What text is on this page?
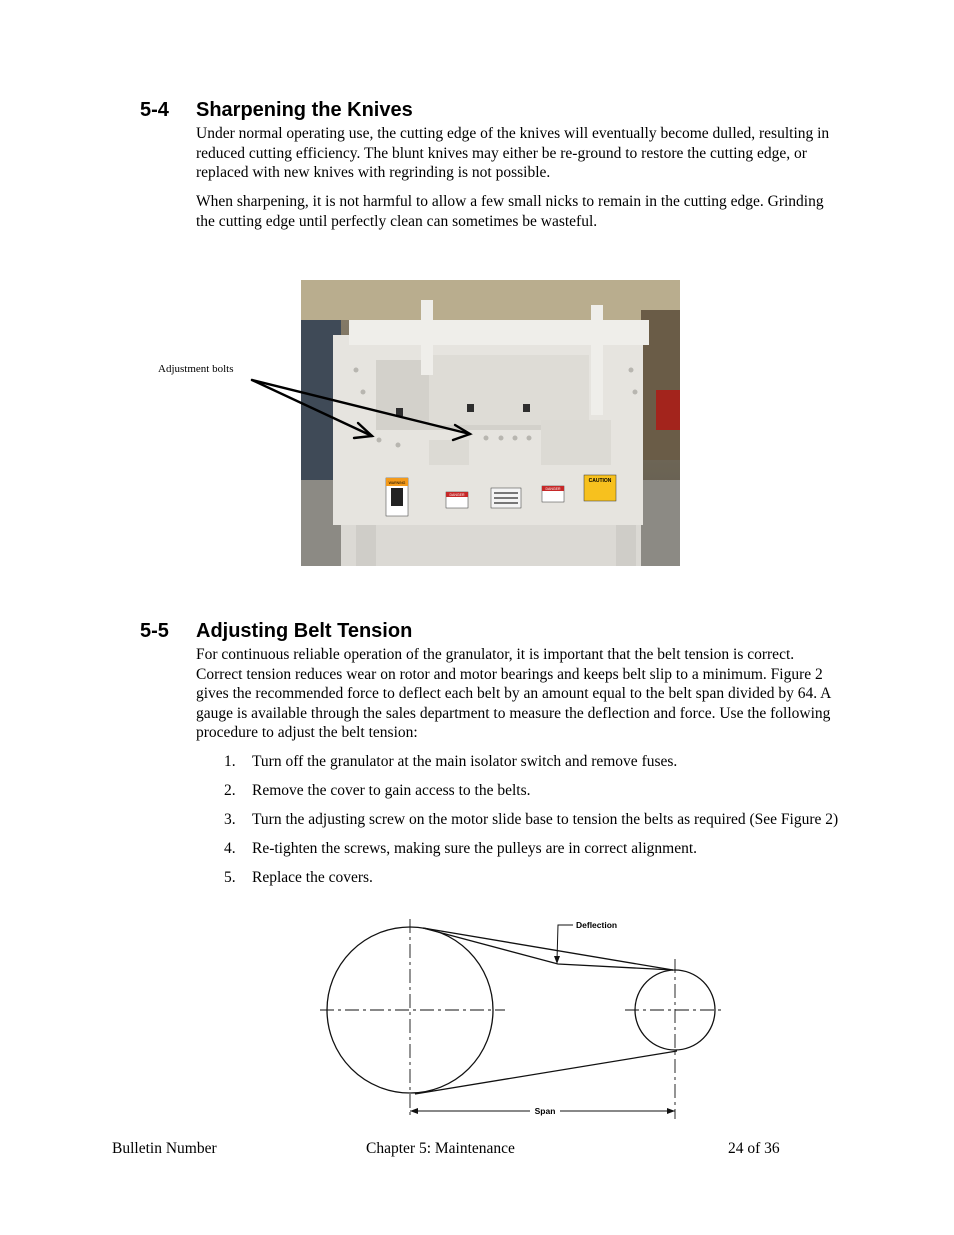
5-4 Sharpening the Knives
Under normal operating use, the cutting edge of the knives will eventually become dulled, resulting in reduced cutting efficiency. The blunt knives may either be re-ground to restore the cutting edge, or replaced with new knives with regrinding is not possible.
When sharpening, it is not harmful to allow a few small nicks to remain in the cutting edge. Grinding the cutting edge until perfectly clean can sometimes be wasteful.
Adjustment bolts
WARNING
DANGER
DANGER
CAUTION
5-5 Adjusting Belt Tension
For continuous reliable operation of the granulator, it is important that the belt tension is correct. Correct tension reduces wear on rotor and motor bearings and keeps belt slip to a minimum. Figure 2 gives the recommended force to deflect each belt by an amount equal to the belt span divided by 64. A gauge is available through the sales department to measure the deflection and force. Use the following procedure to adjust the belt tension:
1. Turn off the granulator at the main isolator switch and remove fuses.
2. Remove the cover to gain access to the belts.
3. Turn the adjusting screw on the motor slide base to tension the belts as required (See Figure 2)
4. Re-tighten the screws, making sure the pulleys are in correct alignment.
5. Replace the covers.
Deflection
Span
Bulletin Number	Chapter 5: Maintenance	24 of 36
